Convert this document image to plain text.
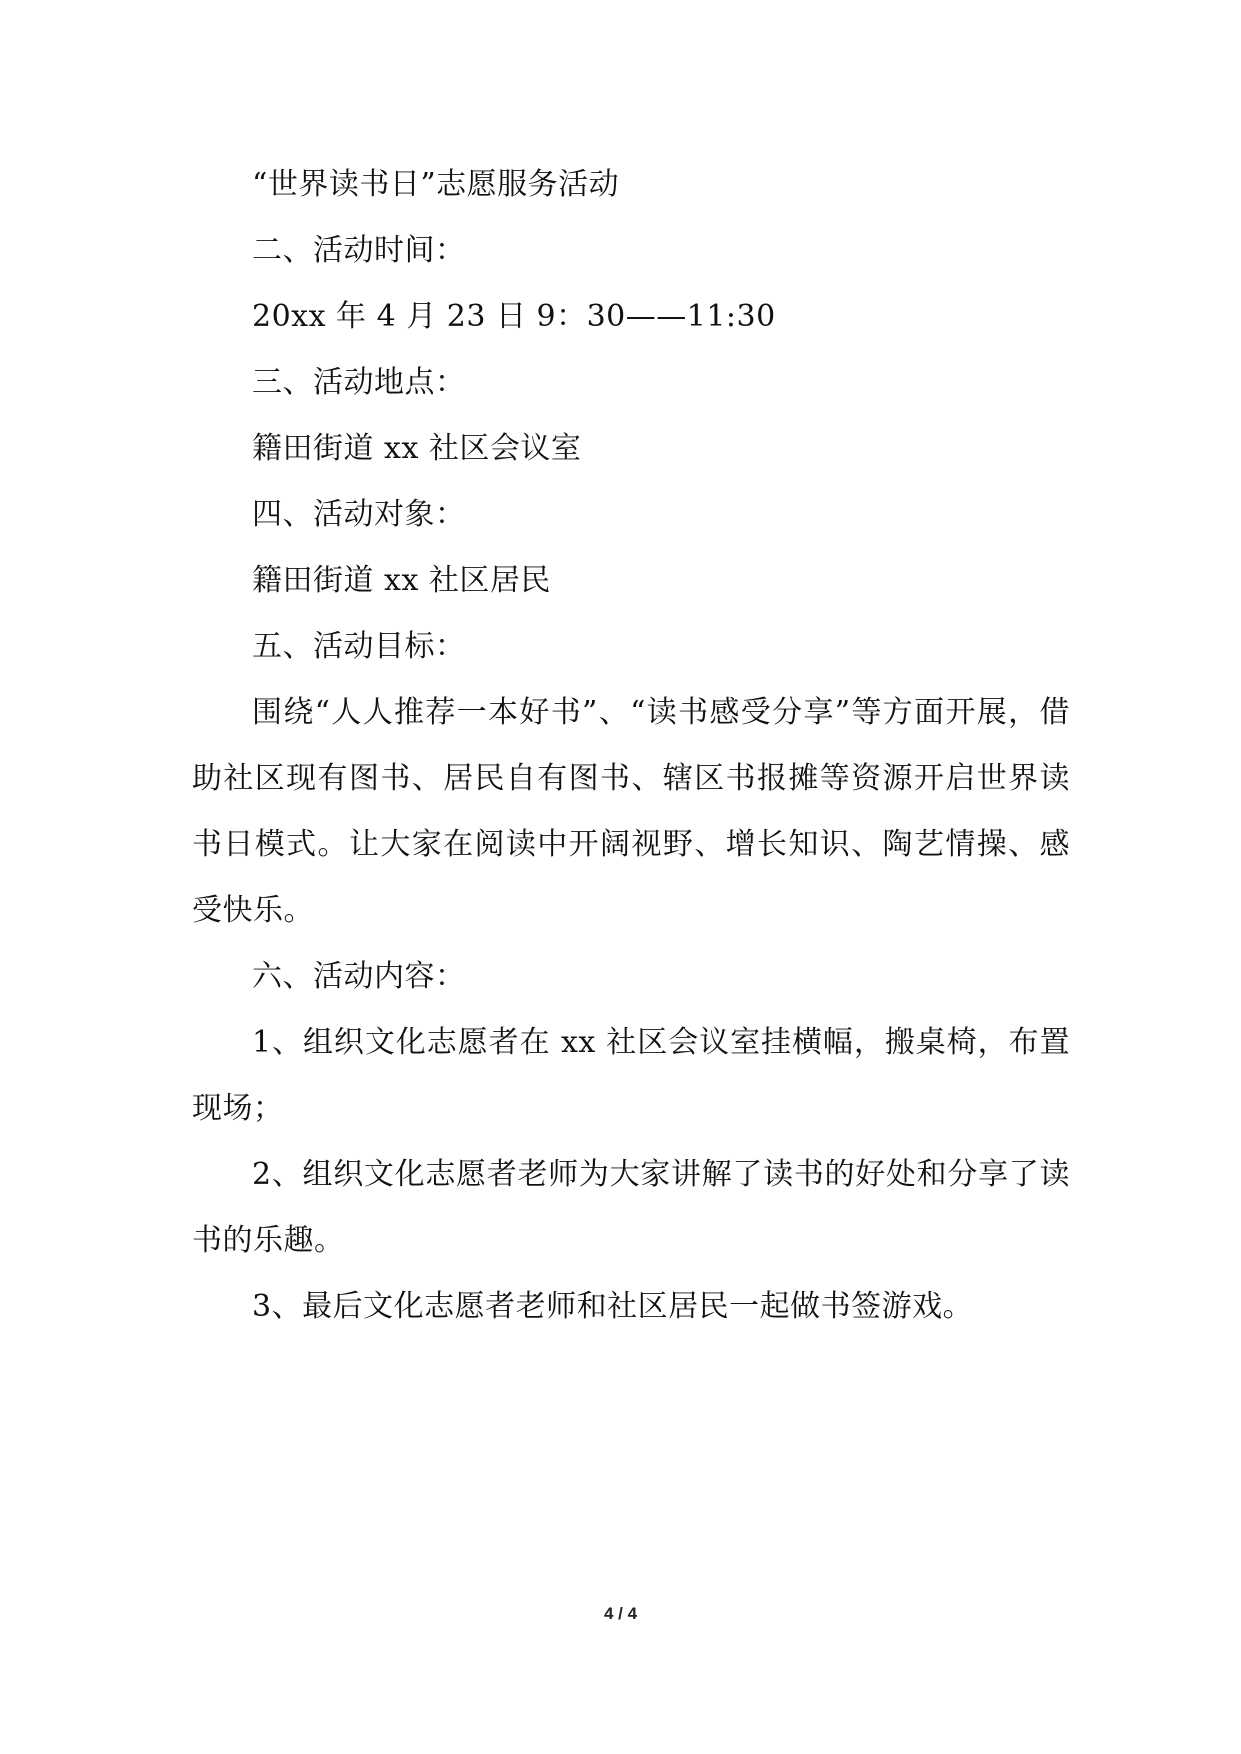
“世界读书日”志愿服务活动
二、活动时间：
20xx 年 4 月 23 日 9：30——11:30
三、活动地点：
籍田街道 xx 社区会议室
四、活动对象：
籍田街道 xx 社区居民
五、活动目标：

围绕“人人推荐一本好书”、“读书感受分享”等方面开展，借助社区现有图书、居民自有图书、辖区书报摊等资源开启世界读书日模式。让大家在阅读中开阔视野、增长知识、陶艺情操、感受快乐。

六、活动内容：

1、组织文化志愿者在 xx 社区会议室挂横幅，搬桌椅，布置现场；

2、组织文化志愿者老师为大家讲解了读书的好处和分享了读书的乐趣。

3、最后文化志愿者老师和社区居民一起做书签游戏。

4 / 4
